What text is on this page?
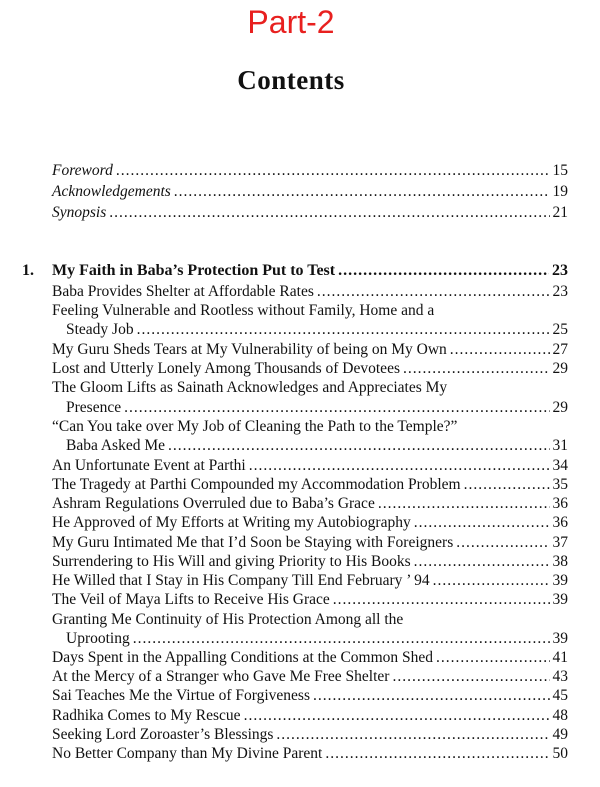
Part-2
Contents
Foreword .....	15
Acknowledgements .....	19
Synopsis .....	21
1. My Faith in Baba’s Protection Put to Test .....	23
Baba Provides Shelter at Affordable Rates .....	23
Feeling Vulnerable and Rootless without Family, Home and a
Steady Job .....	25
My Guru Sheds Tears at My Vulnerability of being on My Own .....	27
Lost and Utterly Lonely Among Thousands of Devotees .....	29
The Gloom Lifts as Sainath Acknowledges and Appreciates My
Presence .....	29
“Can You take over My Job of Cleaning the Path to the Temple?”
Baba Asked Me .....	31
An Unfortunate Event at Parthi .....	34
The Tragedy at Parthi Compounded my Accommodation Problem .....	35
Ashram Regulations Overruled due to Baba’s Grace .....	36
He Approved of My Efforts at Writing my Autobiography .....	36
My Guru Intimated Me that I’d Soon be Staying with Foreigners .....	37
Surrendering to His Will and giving Priority to His Books .....	38
He Willed that I Stay in His Company Till End February ’ 94 .....	39
The Veil of Maya Lifts to Receive His Grace .....	39
Granting Me Continuity of His Protection Among all the
Uprooting .....	39
Days Spent in the Appalling Conditions at the Common Shed .....	41
At the Mercy of a Stranger who Gave Me Free Shelter .....	43
Sai Teaches Me the Virtue of Forgiveness .....	45
Radhika Comes to My Rescue .....	48
Seeking Lord Zoroaster’s Blessings .....	49
No Better Company than My Divine Parent .....	50
